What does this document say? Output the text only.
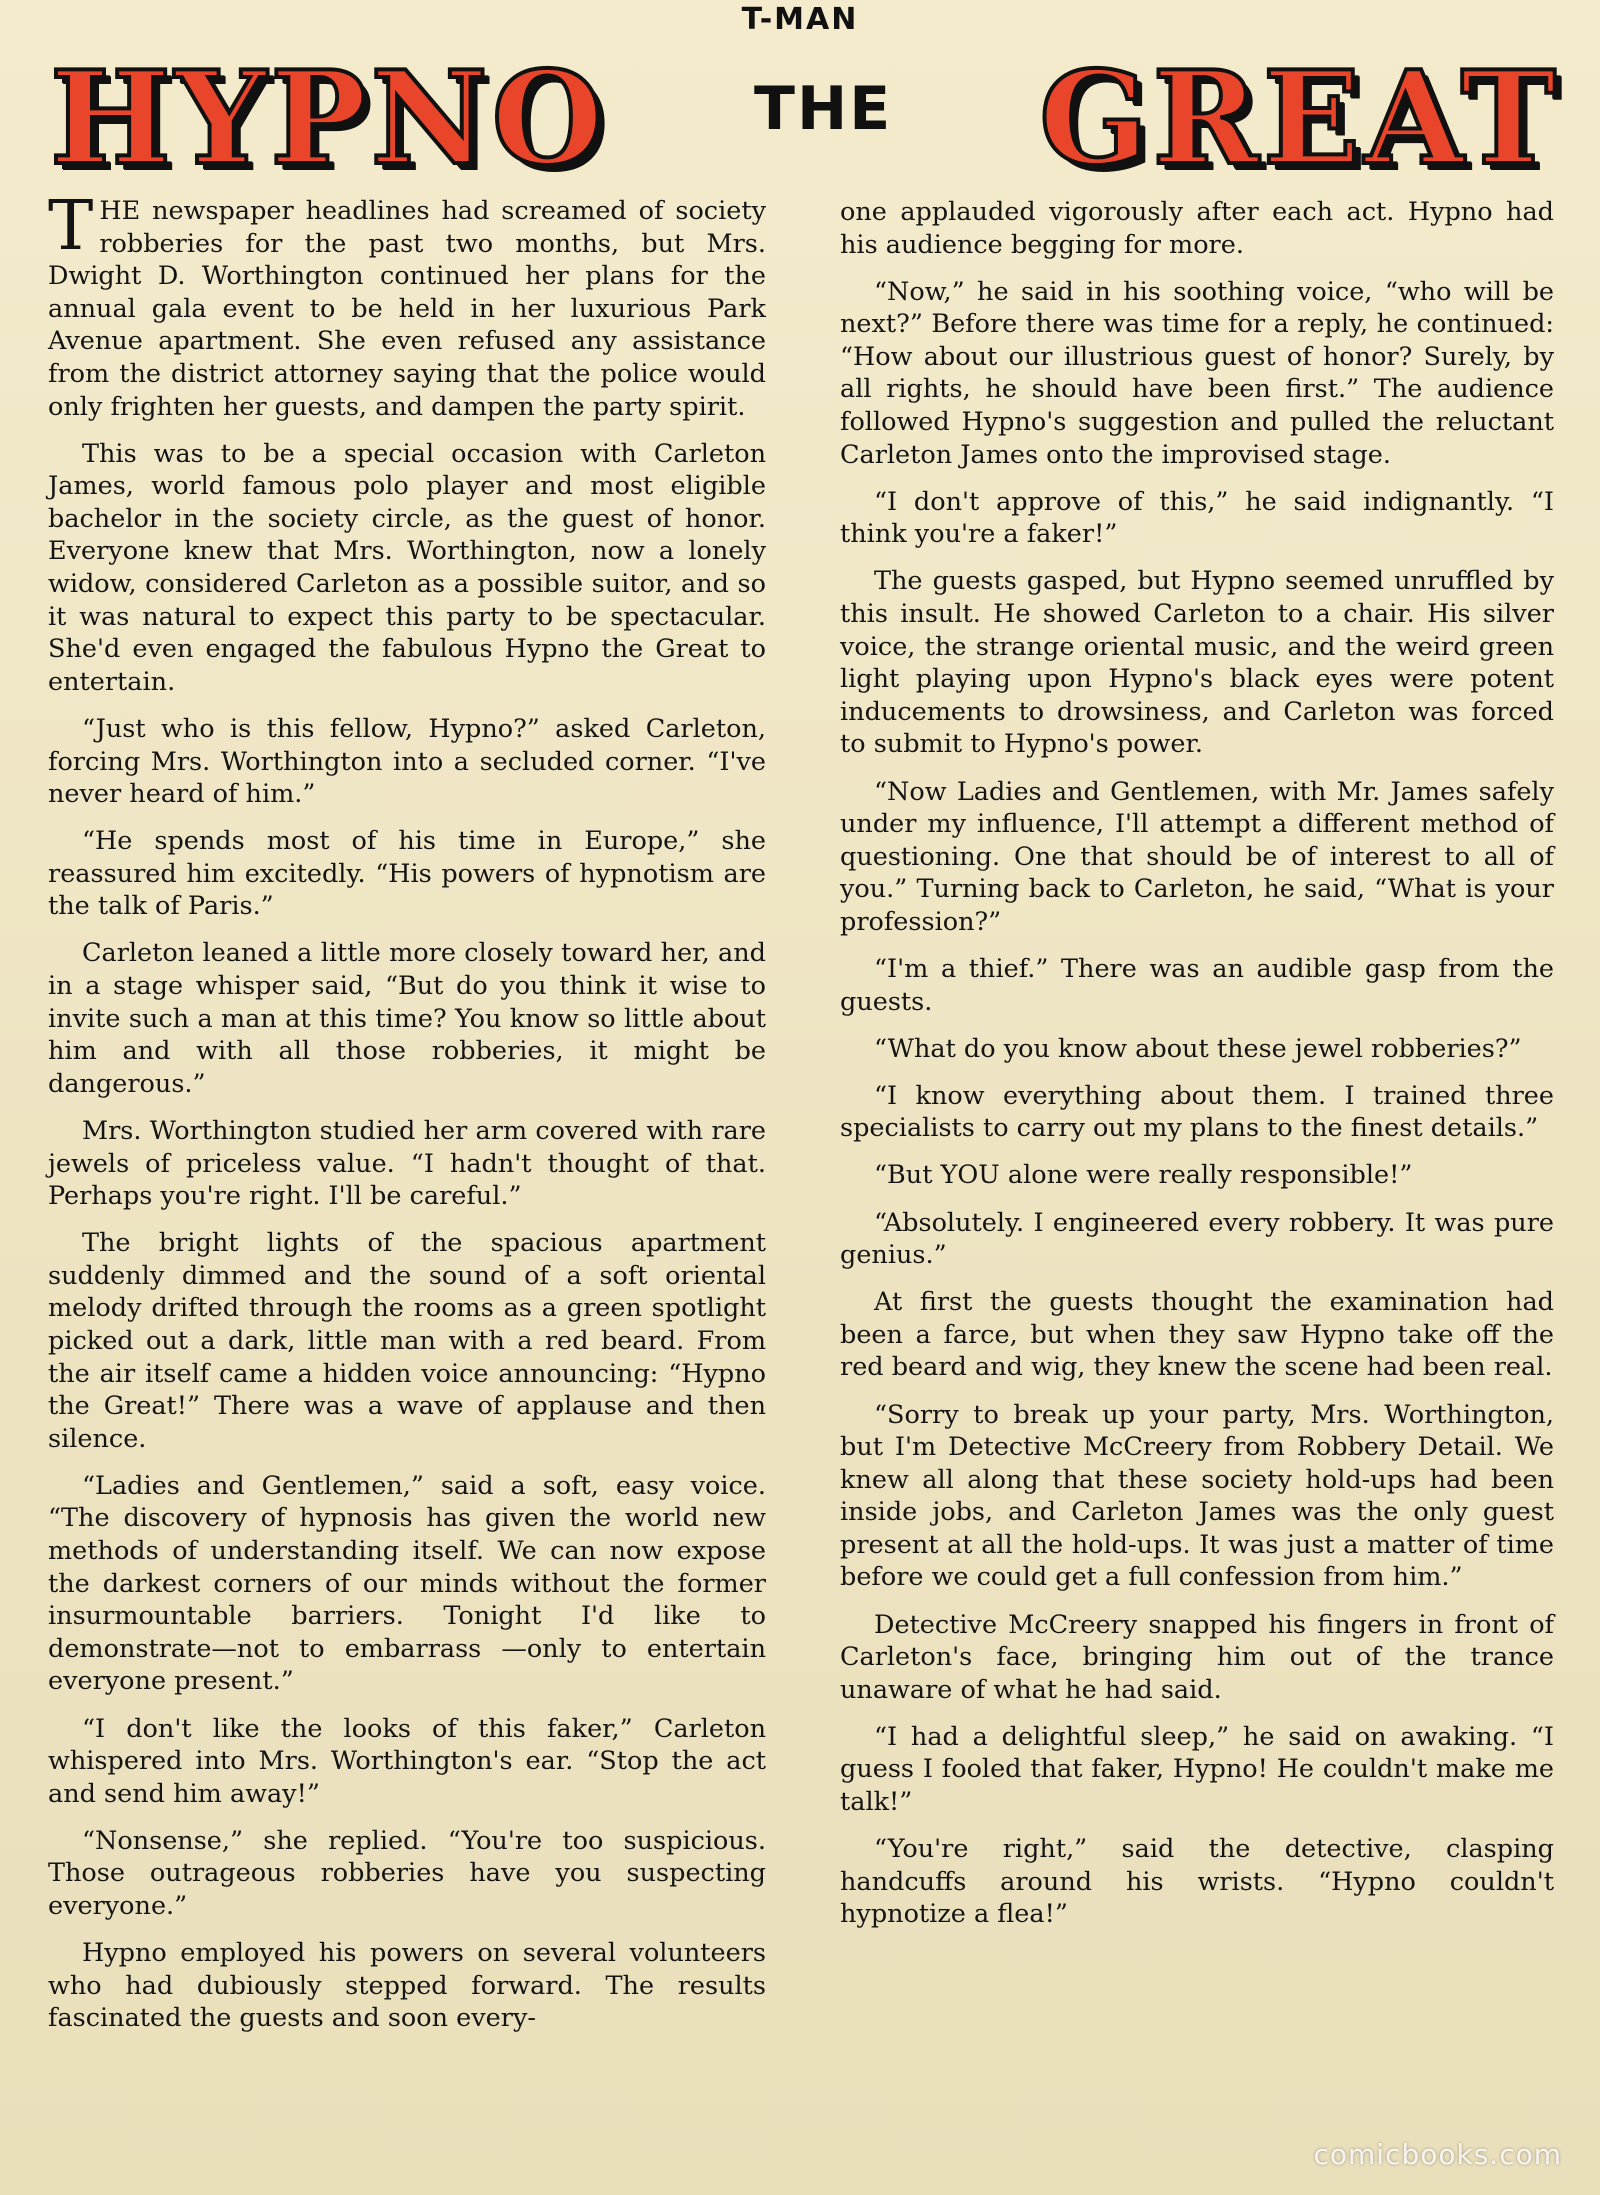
T-MAN
HYPNO THE GREAT

THE newspaper headlines had screamed of society robberies for the past two months, but Mrs. Dwight D. Worthington continued her plans for the annual gala event to be held in her luxurious Park Avenue apartment. She even refused any assistance from the district attorney saying that the police would only frighten her guests, and dampen the party spirit.

This was to be a special occasion with Carleton James, world famous polo player and most eligible bachelor in the society circle, as the guest of honor. Everyone knew that Mrs. Worthington, now a lonely widow, considered Carleton as a possible suitor, and so it was natural to expect this party to be spectacular. She'd even engaged the fabulous Hypno the Great to entertain.

“Just who is this fellow, Hypno?” asked Carleton, forcing Mrs. Worthington into a secluded corner. “I've never heard of him.”

“He spends most of his time in Europe,” she reassured him excitedly. “His powers of hypnotism are the talk of Paris.”

Carleton leaned a little more closely toward her, and in a stage whisper said, “But do you think it wise to invite such a man at this time? You know so little about him and with all those robberies, it might be dangerous.”

Mrs. Worthington studied her arm covered with rare jewels of priceless value. “I hadn't thought of that. Perhaps you're right. I'll be careful.”

The bright lights of the spacious apartment suddenly dimmed and the sound of a soft oriental melody drifted through the rooms as a green spotlight picked out a dark, little man with a red beard. From the air itself came a hidden voice announcing: “Hypno the Great!” There was a wave of applause and then silence.

“Ladies and Gentlemen,” said a soft, easy voice. “The discovery of hypnosis has given the world new methods of understanding itself. We can now expose the darkest corners of our minds without the former insurmountable barriers. Tonight I'd like to demonstrate—not to embarrass —only to entertain everyone present.”

“I don't like the looks of this faker,” Carleton whispered into Mrs. Worthington's ear. “Stop the act and send him away!”

“Nonsense,” she replied. “You're too suspicious. Those outrageous robberies have you suspecting everyone.”

Hypno employed his powers on several volunteers who had dubiously stepped forward. The results fascinated the guests and soon every-

one applauded vigorously after each act. Hypno had his audience begging for more.

“Now,” he said in his soothing voice, “who will be next?” Before there was time for a reply, he continued: “How about our illustrious guest of honor? Surely, by all rights, he should have been first.” The audience followed Hypno's suggestion and pulled the reluctant Carleton James onto the improvised stage.

“I don't approve of this,” he said indignantly. “I think you're a faker!”

The guests gasped, but Hypno seemed unruffled by this insult. He showed Carleton to a chair. His silver voice, the strange oriental music, and the weird green light playing upon Hypno's black eyes were potent inducements to drowsiness, and Carleton was forced to submit to Hypno's power.

“Now Ladies and Gentlemen, with Mr. James safely under my influence, I'll attempt a different method of questioning. One that should be of interest to all of you.” Turning back to Carleton, he said, “What is your profession?”

“I'm a thief.” There was an audible gasp from the guests.

“What do you know about these jewel robberies?”

“I know everything about them. I trained three specialists to carry out my plans to the finest details.”

“But YOU alone were really responsible!”

“Absolutely. I engineered every robbery. It was pure genius.”

At first the guests thought the examination had been a farce, but when they saw Hypno take off the red beard and wig, they knew the scene had been real.

“Sorry to break up your party, Mrs. Worthington, but I'm Detective McCreery from Robbery Detail. We knew all along that these society hold-ups had been inside jobs, and Carleton James was the only guest present at all the hold-ups. It was just a matter of time before we could get a full confession from him.”

Detective McCreery snapped his fingers in front of Carleton's face, bringing him out of the trance unaware of what he had said.

“I had a delightful sleep,” he said on awaking. “I guess I fooled that faker, Hypno! He couldn't make me talk!”

“You're right,” said the detective, clasping handcuffs around his wrists. “Hypno couldn't hypnotize a flea!”

comicbooks.com
